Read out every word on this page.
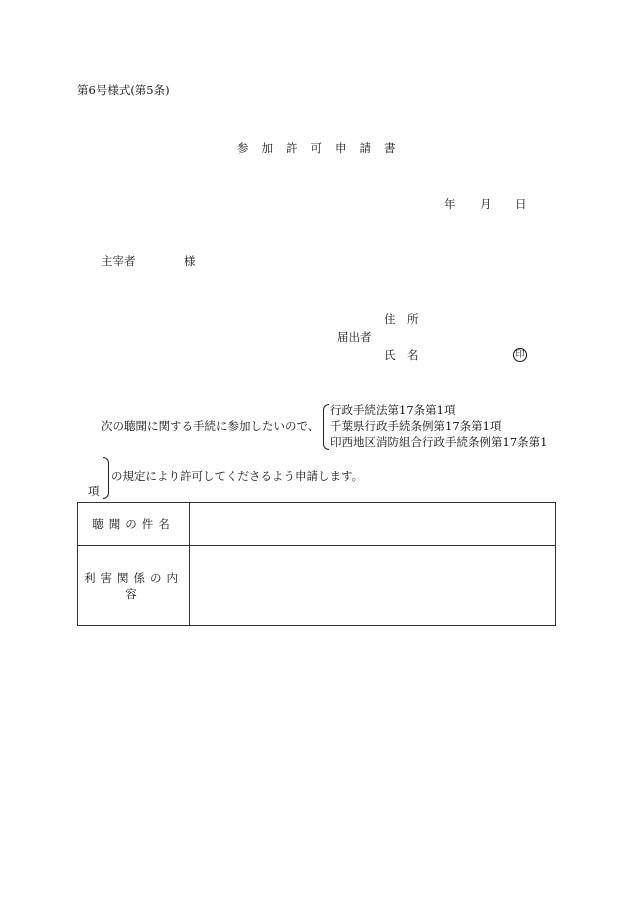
第6号様式(第5条)
参加許可申請書
年 月 日
主宰者	様
住　所
届出者
氏　名	印
次の聴聞に関する手続に参加したいので、
行政手続法第17条第1項
千葉県行政手続条例第17条第1項
印西地区消防組合行政手続条例第17条第1
項
の規定により許可してくださるよう申請します。
聴聞の件名	
利害関係の内容	
